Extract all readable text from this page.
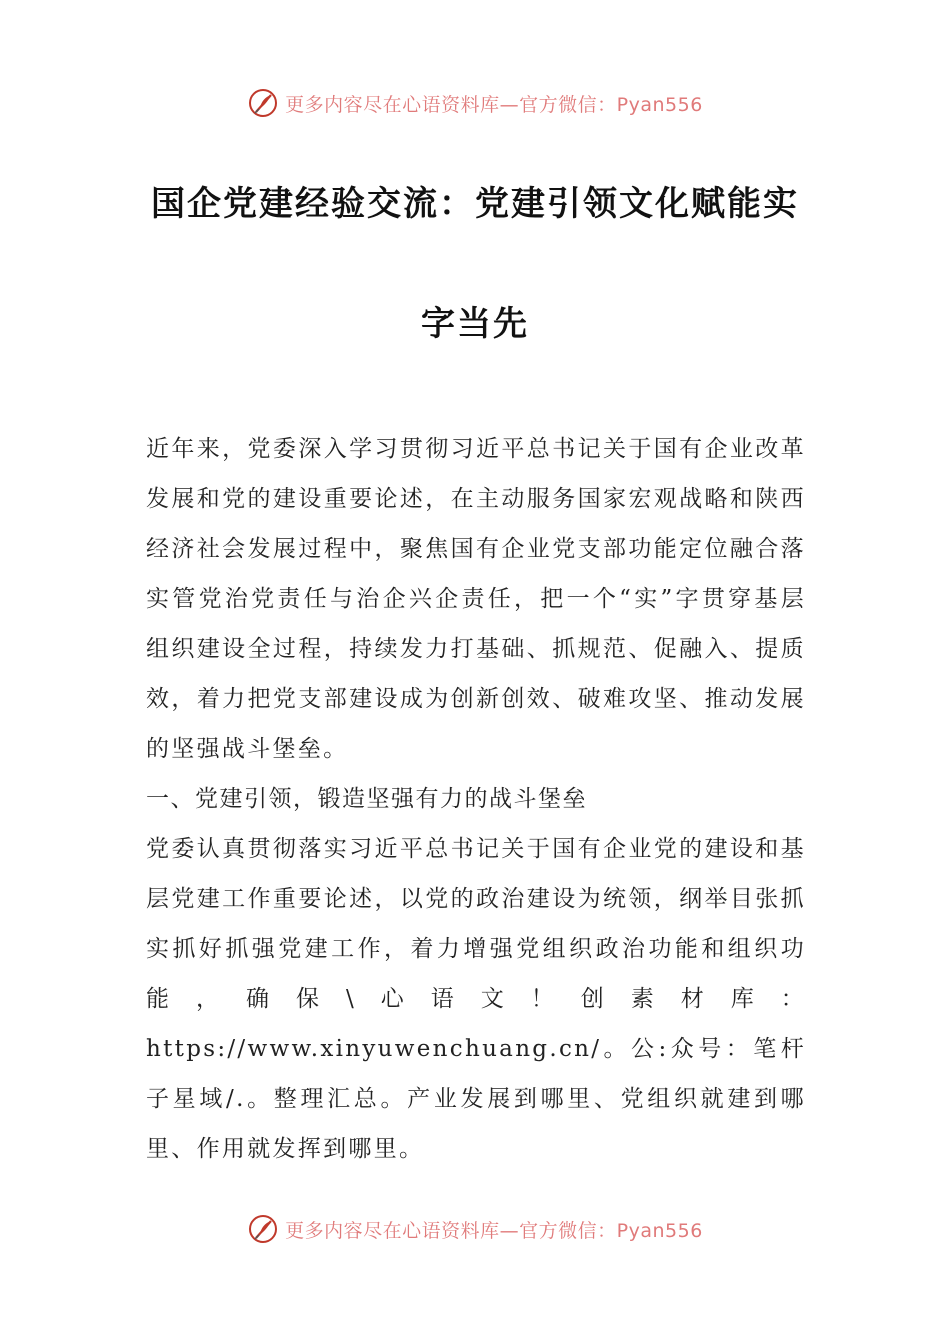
更多内容尽在心语资料库—官方微信：Pyan556
国企党建经验交流：党建引领文化赋能实
字当先

近年来，党委深入学习贯彻习近平总书记关于国有企业改革发展和党的建设重要论述，在主动服务国家宏观战略和陕西经济社会发展过程中，聚焦国有企业党支部功能定位融合落实管党治党责任与治企兴企责任，把一个“实”字贯穿基层组织建设全过程，持续发力打基础、抓规范、促融入、提质效，着力把党支部建设成为创新创效、破难攻坚、推动发展的坚强战斗堡垒。

一、党建引领，锻造坚强有力的战斗堡垒

党委认真贯彻落实习近平总书记关于国有企业党的建设和基层党建工作重要论述，以党的政治建设为统领，纲举目张抓实抓好抓强党建工作，着力增强党组织政治功能和组织功能，确保\心语文！创素材库：https://www.xinyuwenchuang.cn/。公:众号：笔杆子星域/.。整理汇总。产业发展到哪里、党组织就建到哪里、作用就发挥到哪里。

更多内容尽在心语资料库—官方微信：Pyan556
